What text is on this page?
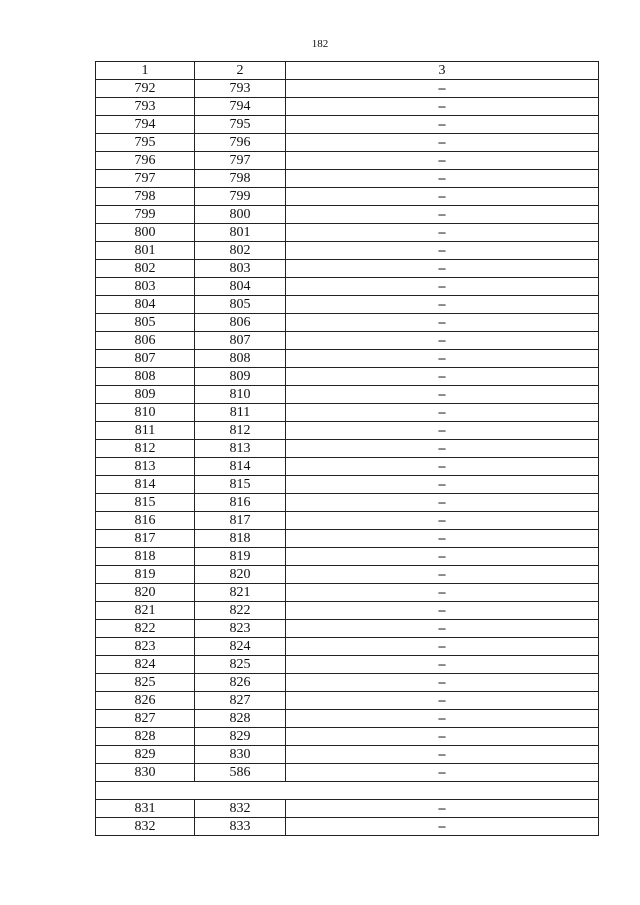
182
1	2	3
792	793	–
793	794	–
794	795	–
795	796	–
796	797	–
797	798	–
798	799	–
799	800	–
800	801	–
801	802	–
802	803	–
803	804	–
804	805	–
805	806	–
806	807	–
807	808	–
808	809	–
809	810	–
810	811	–
811	812	–
812	813	–
813	814	–
814	815	–
815	816	–
816	817	–
817	818	–
818	819	–
819	820	–
820	821	–
821	822	–
822	823	–
823	824	–
824	825	–
825	826	–
826	827	–
827	828	–
828	829	–
829	830	–
830	586	–

831	832	–
832	833	–
